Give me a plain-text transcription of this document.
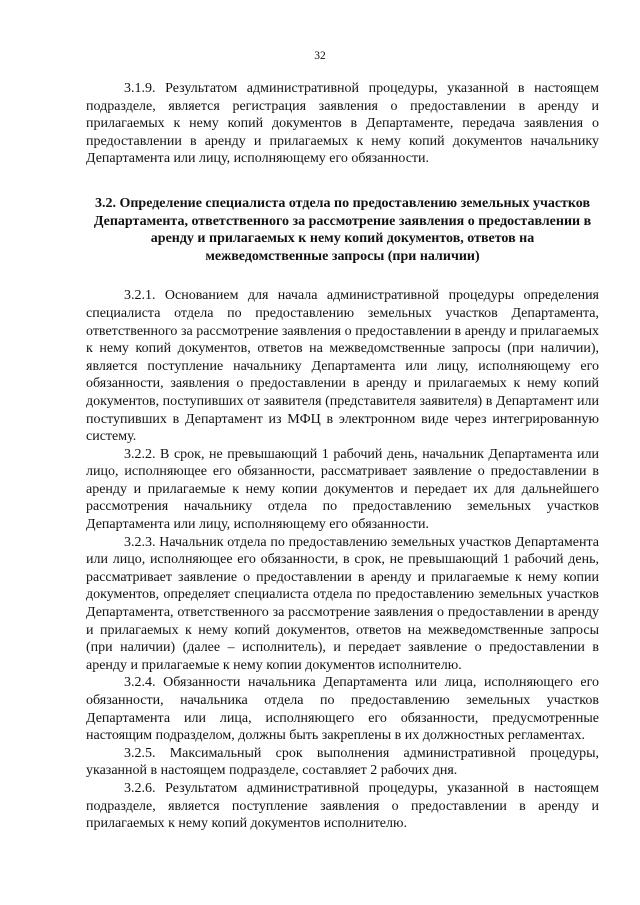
32

3.1.9. Результатом административной процедуры, указанной в настоящем подразделе, является регистрация заявления о предоставлении в аренду и прилагаемых к нему копий документов в Департаменте, передача заявления о предоставлении в аренду и прилагаемых к нему копий документов начальнику Департамента или лицу, исполняющему его обязанности.

3.2. Определение специалиста отдела по предоставлению земельных участков Департамента, ответственного за рассмотрение заявления о предоставлении в аренду и прилагаемых к нему копий документов, ответов на межведомственные запросы (при наличии)

3.2.1. Основанием для начала административной процедуры определения специалиста отдела по предоставлению земельных участков Департамента, ответственного за рассмотрение заявления о предоставлении в аренду и прилагаемых к нему копий документов, ответов на межведомственные запросы (при наличии), является поступление начальнику Департамента или лицу, исполняющему его обязанности, заявления о предоставлении в аренду и прилагаемых к нему копий документов, поступивших от заявителя (представителя заявителя) в Департамент или поступивших в Департамент из МФЦ в электронном виде через интегрированную систему.

3.2.2. В срок, не превышающий 1 рабочий день, начальник Департамента или лицо, исполняющее его обязанности, рассматривает заявление о предоставлении в аренду и прилагаемые к нему копии документов и передает их для дальнейшего рассмотрения начальнику отдела по предоставлению земельных участков Департамента или лицу, исполняющему его обязанности.

3.2.3. Начальник отдела по предоставлению земельных участков Департамента или лицо, исполняющее его обязанности, в срок, не превышающий 1 рабочий день, рассматривает заявление о предоставлении в аренду и прилагаемые к нему копии документов, определяет специалиста отдела по предоставлению земельных участков Департамента, ответственного за рассмотрение заявления о предоставлении в аренду и прилагаемых к нему копий документов, ответов на межведомственные запросы (при наличии) (далее – исполнитель), и передает заявление о предоставлении в аренду и прилагаемые к нему копии документов исполнителю.

3.2.4. Обязанности начальника Департамента или лица, исполняющего его обязанности, начальника отдела по предоставлению земельных участков Департамента или лица, исполняющего его обязанности, предусмотренные настоящим подразделом, должны быть закреплены в их должностных регламентах.

3.2.5. Максимальный срок выполнения административной процедуры, указанной в настоящем подразделе, составляет 2 рабочих дня.

3.2.6. Результатом административной процедуры, указанной в настоящем подразделе, является поступление заявления о предоставлении в аренду и прилагаемых к нему копий документов исполнителю.
